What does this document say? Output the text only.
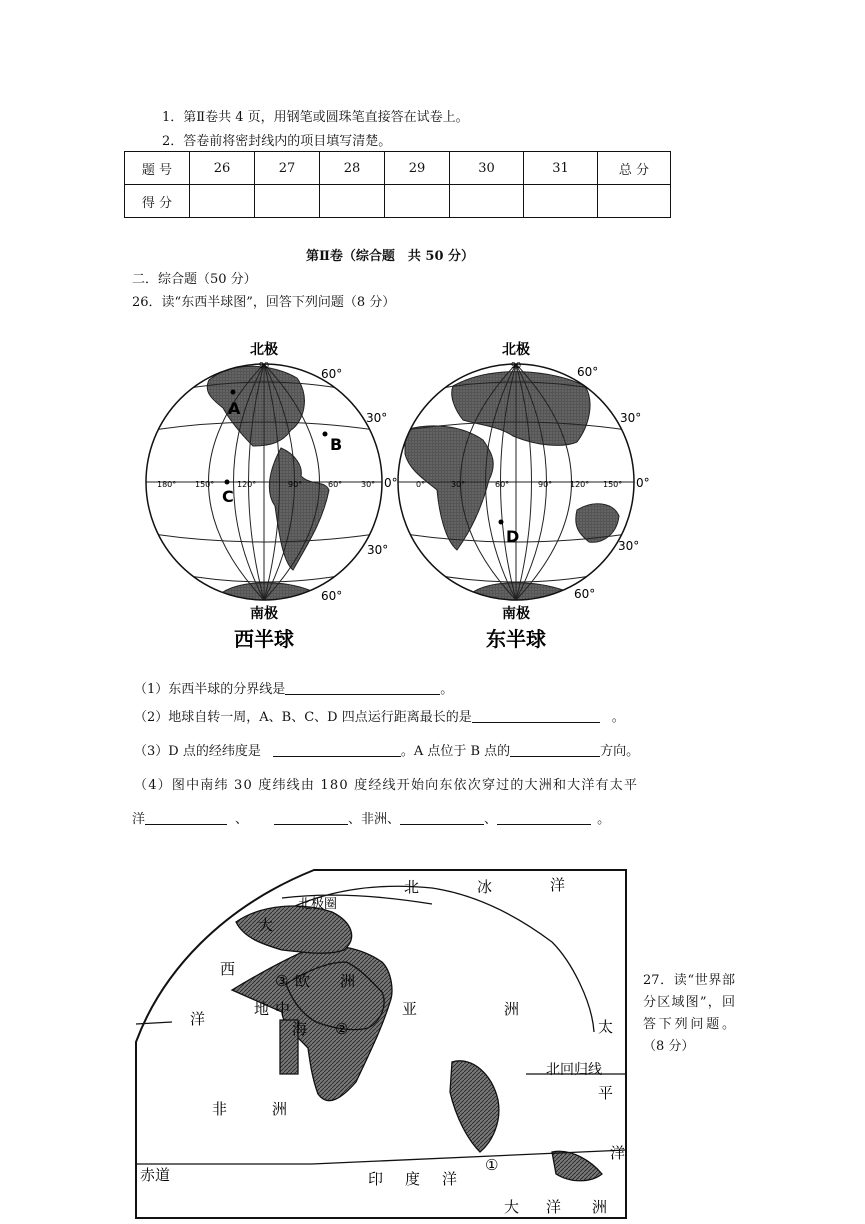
1．第Ⅱ卷共 4 页，用钢笔或圆珠笔直接答在试卷上。
2．答卷前将密封线内的项目填写清楚。
题 号	26	27	28	29	30	31	总 分
得 分							
第Ⅱ卷（综合题　共 50 分）
二．综合题（50 分）
26．读“东西半球图”，回答下列问题（8 分）
北极
90
南极
西半球
A
B
C
180° 150°	120°	90°	60° 30° 0°
60°
北极
90
南极
东半球
D
0°	30°	60°	90° 120° 150° 0°
60°
30°
30°
30°	30°
60°	60°
（1）东西半球的分界线是	。
（2）地球自转一周，A、B、C、D 四点运行距离最长的是	。
（3）D 点的经纬度是	。A 点位于 B 点的	方向。
（4）图中南纬 30 度纬线由 180 度经线开始向东依次穿过的大洲和大洋有太平
洋	、	、非洲、	、	。
北	冰	洋
北极圈
大
西
洋
③ 欧 洲
地 中
海 ②
亚	洲
太
北回归线
平
非	洲
洋
赤道
①
印 度 洋
大 洋 洲
27．读“世界部分区域图”，回答下列问题。（8 分）
